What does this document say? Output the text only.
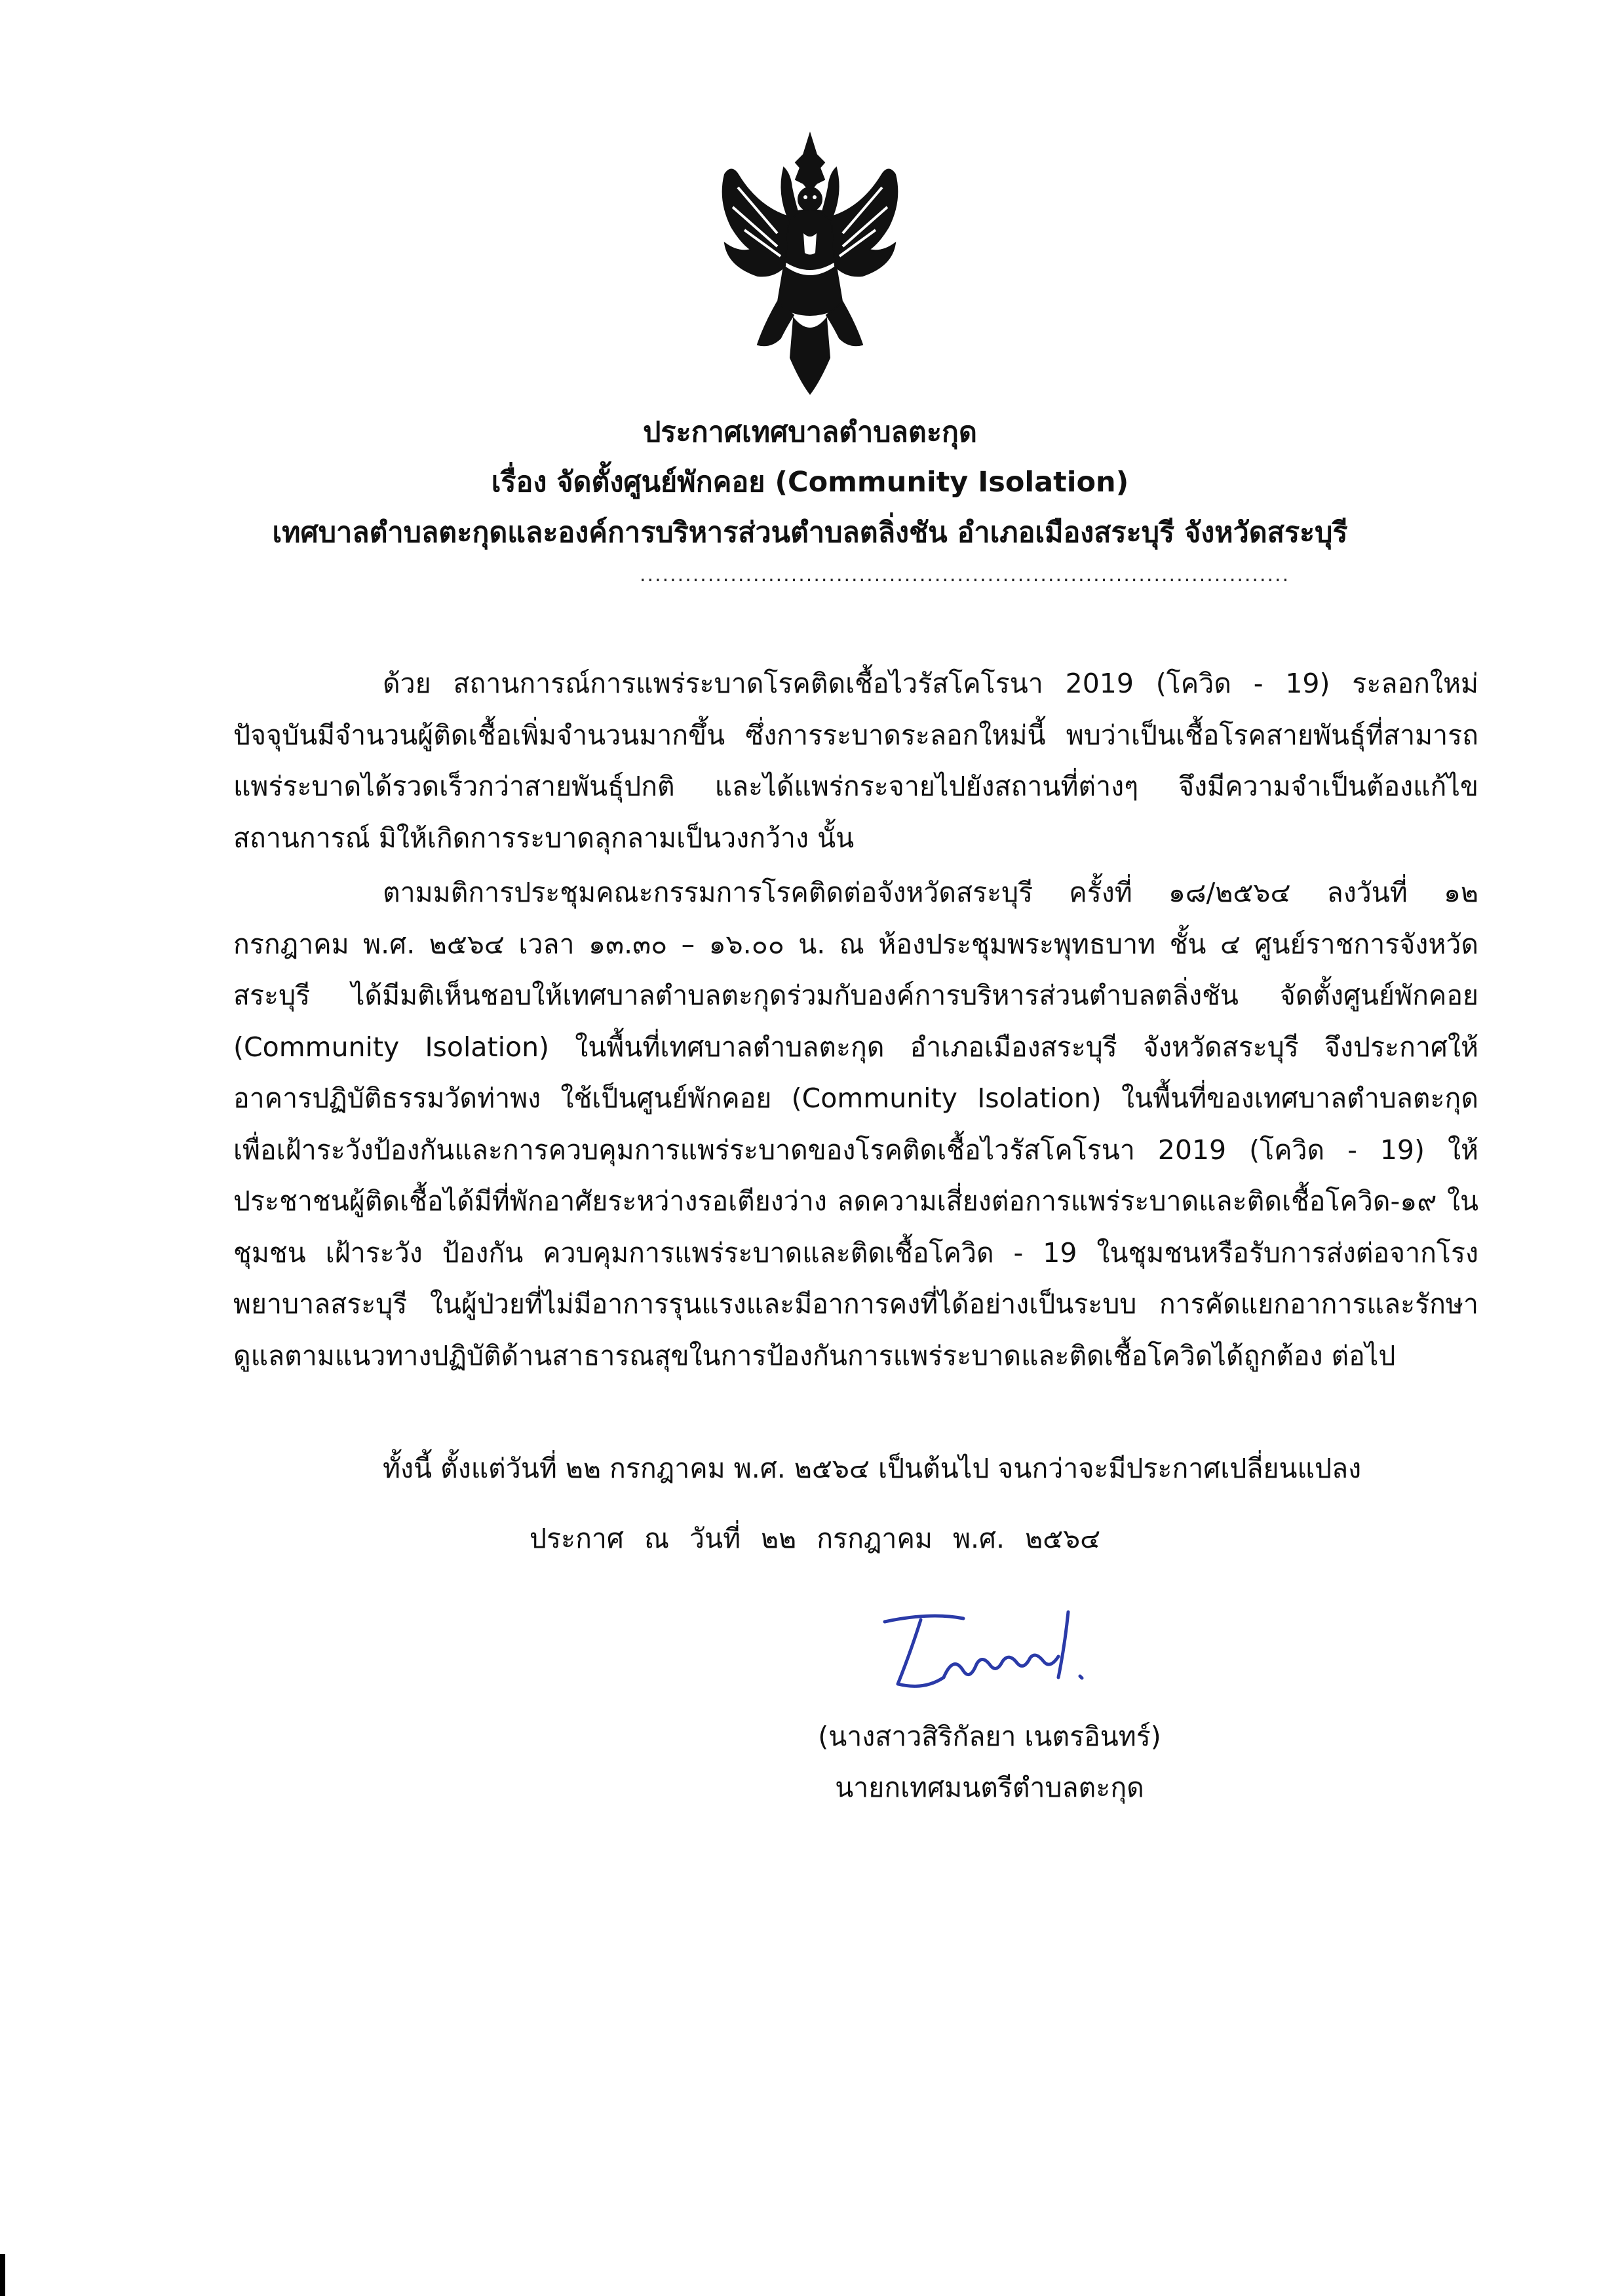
ประกาศเทศบาลตำบลตะกุด
เรื่อง จัดตั้งศูนย์พักคอย (Community Isolation)
เทศบาลตำบลตะกุดและองค์การบริหารส่วนตำบลตลิ่งชัน อำเภอเมืองสระบุรี จังหวัดสระบุรี
......................................................................................

ด้วย สถานการณ์การแพร่ระบาดโรคติดเชื้อไวรัสโคโรนา 2019 (โควิด - 19) ระลอกใหม่ ปัจจุบันมีจำนวนผู้ติดเชื้อเพิ่มจำนวนมากขึ้น ซึ่งการระบาดระลอกใหม่นี้ พบว่าเป็นเชื้อโรคสายพันธุ์ที่สามารถแพร่ระบาดได้รวดเร็วกว่าสายพันธุ์ปกติ และได้แพร่กระจายไปยังสถานที่ต่างๆ จึงมีความจำเป็นต้องแก้ไขสถานการณ์ มิให้เกิดการระบาดลุกลามเป็นวงกว้าง นั้น

ตามมติการประชุมคณะกรรมการโรคติดต่อจังหวัดสระบุรี ครั้งที่ ๑๘/๒๕๖๔ ลงวันที่ ๑๒ กรกฎาคม พ.ศ. ๒๕๖๔ เวลา ๑๓.๓๐ – ๑๖.๐๐ น. ณ ห้องประชุมพระพุทธบาท ชั้น ๔ ศูนย์ราชการจังหวัดสระบุรี ได้มีมติเห็นชอบให้เทศบาลตำบลตะกุดร่วมกับองค์การบริหารส่วนตำบลตลิ่งชัน จัดตั้งศูนย์พักคอย (Community Isolation) ในพื้นที่เทศบาลตำบลตะกุด อำเภอเมืองสระบุรี จังหวัดสระบุรี จึงประกาศให้ อาคารปฏิบัติธรรมวัดท่าพง ใช้เป็นศูนย์พักคอย (Community Isolation) ในพื้นที่ของเทศบาลตำบลตะกุด เพื่อเฝ้าระวังป้องกันและการควบคุมการแพร่ระบาดของโรคติดเชื้อไวรัสโคโรนา 2019 (โควิด - 19) ให้ประชาชนผู้ติดเชื้อได้มีที่พักอาศัยระหว่างรอเตียงว่าง ลดความเสี่ยงต่อการแพร่ระบาดและติดเชื้อโควิด-๑๙ ในชุมชน เฝ้าระวัง ป้องกัน ควบคุมการแพร่ระบาดและติดเชื้อโควิด - 19 ในชุมชนหรือรับการส่งต่อจากโรงพยาบาลสระบุรี ในผู้ป่วยที่ไม่มีอาการรุนแรงและมีอาการคงที่ได้อย่างเป็นระบบ การคัดแยกอาการและรักษาดูแลตามแนวทางปฏิบัติด้านสาธารณสุขในการป้องกันการแพร่ระบาดและติดเชื้อโควิดได้ถูกต้อง ต่อไป

ทั้งนี้ ตั้งแต่วันที่ ๒๒ กรกฎาคม พ.ศ. ๒๕๖๔ เป็นต้นไป จนกว่าจะมีประกาศเปลี่ยนแปลง

ประกาศ ณ วันที่ ๒๒ กรกฎาคม พ.ศ. ๒๕๖๔
(นางสาวสิริกัลยา เนตรอินทร์)
นายกเทศมนตรีตำบลตะกุด
